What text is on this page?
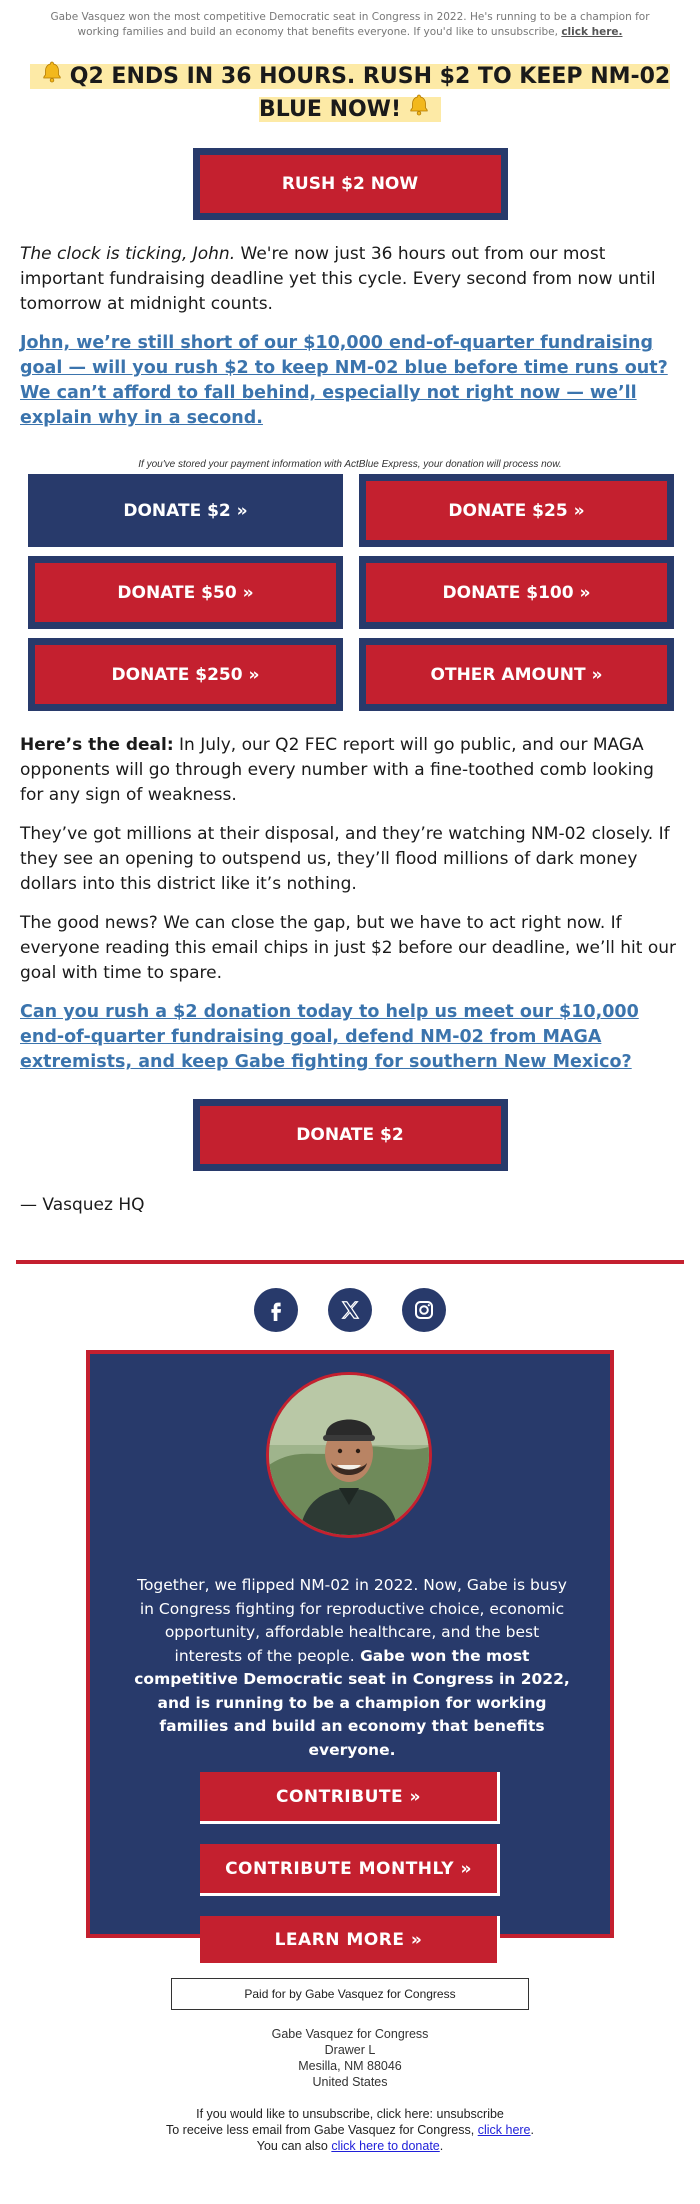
Gabe Vasquez won the most competitive Democratic seat in Congress in 2022. He's running to be a champion for working families and build an economy that benefits everyone. If you'd like to unsubscribe, click here.
Q2 ENDS IN 36 HOURS. RUSH $2 TO KEEP NM-02 BLUE NOW!
RUSH $2 NOW

The clock is ticking, John. We're now just 36 hours out from our most important fundraising deadline yet this cycle. Every second from now until tomorrow at midnight counts.

John, we’re still short of our $10,000 end-of-quarter fundraising goal — will you rush $2 to keep NM-02 blue before time runs out? We can’t afford to fall behind, especially not right now — we’ll explain why in a second.
If you've stored your payment information with ActBlue Express, your donation will process now.
DONATE $2 »	DONATE $25 »
DONATE $50 »	DONATE $100 »
DONATE $250 »	OTHER AMOUNT »

Here’s the deal: In July, our Q2 FEC report will go public, and our MAGA opponents will go through every number with a fine-toothed comb looking for any sign of weakness.

They’ve got millions at their disposal, and they’re watching NM-02 closely. If they see an opening to outspend us, they’ll flood millions of dark money dollars into this district like it’s nothing.

The good news? We can close the gap, but we have to act right now. If everyone reading this email chips in just $2 before our deadline, we’ll hit our goal with time to spare.

Can you rush a $2 donation today to help us meet our $10,000 end-of-quarter fundraising goal, defend NM-02 from MAGA extremists, and keep Gabe fighting for southern New Mexico?
DONATE $2

— Vasquez HQ

Together, we flipped NM-02 in 2022. Now, Gabe is busy in Congress fighting for reproductive choice, economic opportunity, affordable healthcare, and the best interests of the people. Gabe won the most competitive Democratic seat in Congress in 2022, and is running to be a champion for working families and build an economy that benefits everyone.
CONTRIBUTE »
CONTRIBUTE MONTHLY »
LEARN MORE »
Paid for by Gabe Vasquez for Congress
Gabe Vasquez for Congress
Drawer L
Mesilla, NM 88046
United States
If you would like to unsubscribe, click here: unsubscribe
To receive less email from Gabe Vasquez for Congress, click here.
You can also click here to donate.
